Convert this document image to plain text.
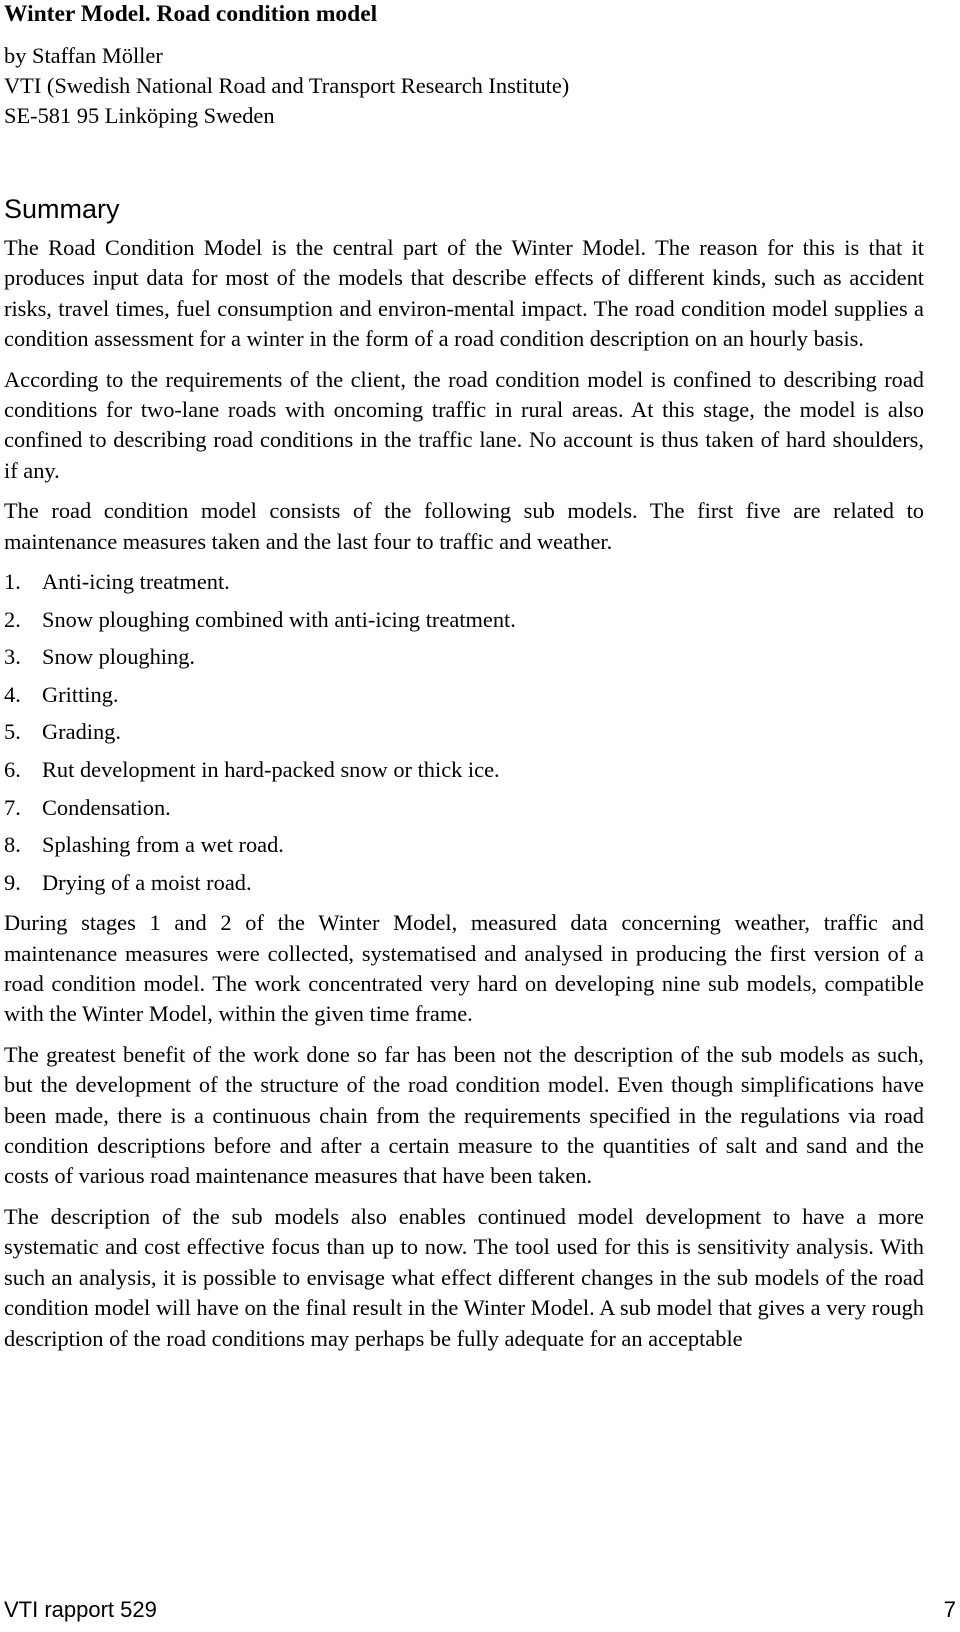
Winter Model. Road condition model
by Staffan Möller
VTI (Swedish National Road and Transport Research Institute)
SE-581 95 Linköping Sweden
Summary

The Road Condition Model is the central part of the Winter Model. The reason for this is that it produces input data for most of the models that describe effects of different kinds, such as accident risks, travel times, fuel consumption and environ-mental impact. The road condition model supplies a condition assessment for a winter in the form of a road condition description on an hourly basis.

According to the requirements of the client, the road condition model is confined to describing road conditions for two-lane roads with oncoming traffic in rural areas. At this stage, the model is also confined to describing road conditions in the traffic lane. No account is thus taken of hard shoulders, if any.

The road condition model consists of the following sub models. The first five are related to maintenance measures taken and the last four to traffic and weather.

1. Anti-icing treatment.
2. Snow ploughing combined with anti-icing treatment.
3. Snow ploughing.
4. Gritting.
5. Grading.
6. Rut development in hard-packed snow or thick ice.
7. Condensation.
8. Splashing from a wet road.
9. Drying of a moist road.

During stages 1 and 2 of the Winter Model, measured data concerning weather, traffic and maintenance measures were collected, systematised and analysed in producing the first version of a road condition model. The work concentrated very hard on developing nine sub models, compatible with the Winter Model, within the given time frame.

The greatest benefit of the work done so far has been not the description of the sub models as such, but the development of the structure of the road condition model. Even though simplifications have been made, there is a continuous chain from the requirements specified in the regulations via road condition descriptions before and after a certain measure to the quantities of salt and sand and the costs of various road maintenance measures that have been taken.

The description of the sub models also enables continued model development to have a more systematic and cost effective focus than up to now. The tool used for this is sensitivity analysis. With such an analysis, it is possible to envisage what effect different changes in the sub models of the road condition model will have on the final result in the Winter Model. A sub model that gives a very rough description of the road conditions may perhaps be fully adequate for an acceptable

VTI rapport 529	7
